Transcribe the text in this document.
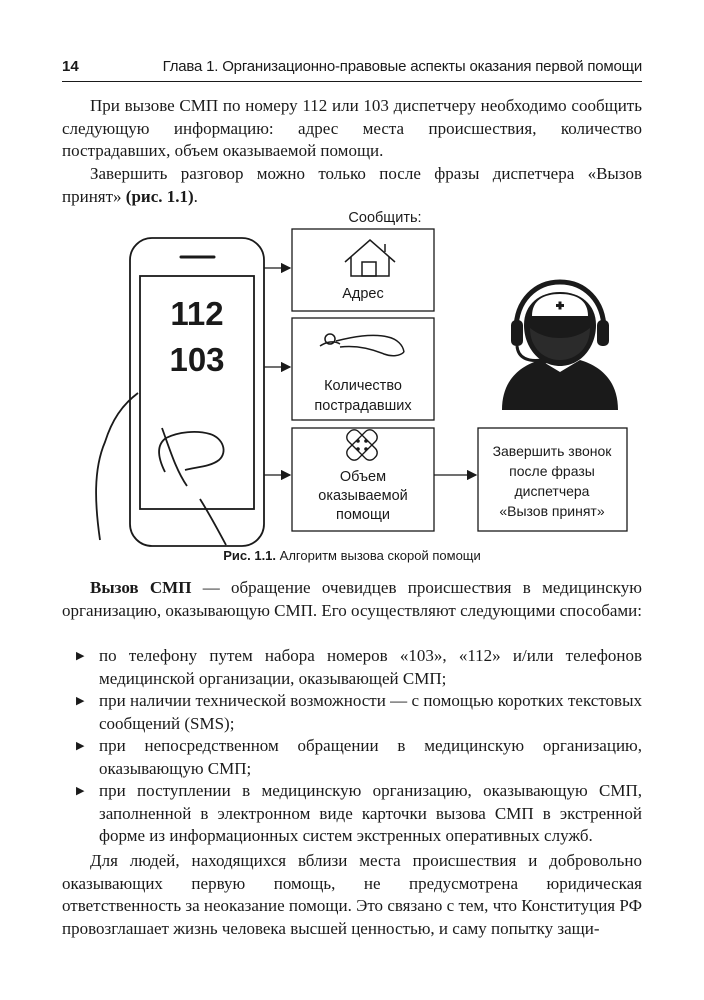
14	Глава 1. Организационно-правовые аспекты оказания первой помощи
При вызове СМП по номеру 112 или 103 диспетчеру необходимо сообщить следующую информацию: адрес места происшествия, количество пострадавших, объем оказываемой помощи.
Завершить разговор можно только после фразы диспетчера «Вызов принят» (рис. 1.1).
Сообщить:
112
103
Адрес
Количество
пострадавших
Объем
оказываемой
помощи
Завершить звонок
после фразы
диспетчера
«Вызов принят»
Рис. 1.1. Алгоритм вызова скорой помощи
Вызов СМП — обращение очевидцев происшествия в медицинскую организацию, оказывающую СМП. Его осуществляют следующими способами:
▶ по телефону путем набора номеров «103», «112» и/или телефонов медицинской организации, оказывающей СМП;
▶ при наличии технической возможности — с помощью коротких текстовых сообщений (SMS);
▶ при непосредственном обращении в медицинскую организацию, оказывающую СМП;
▶ при поступлении в медицинскую организацию, оказывающую СМП, заполненной в электронном виде карточки вызова СМП в экстренной форме из информационных систем экстренных оперативных служб.
Для людей, находящихся вблизи места происшествия и добровольно оказывающих первую помощь, не предусмотрена юридическая ответственность за неоказание помощи. Это связано с тем, что Конституция РФ провозглашает жизнь человека высшей ценностью, и саму попытку защи-
